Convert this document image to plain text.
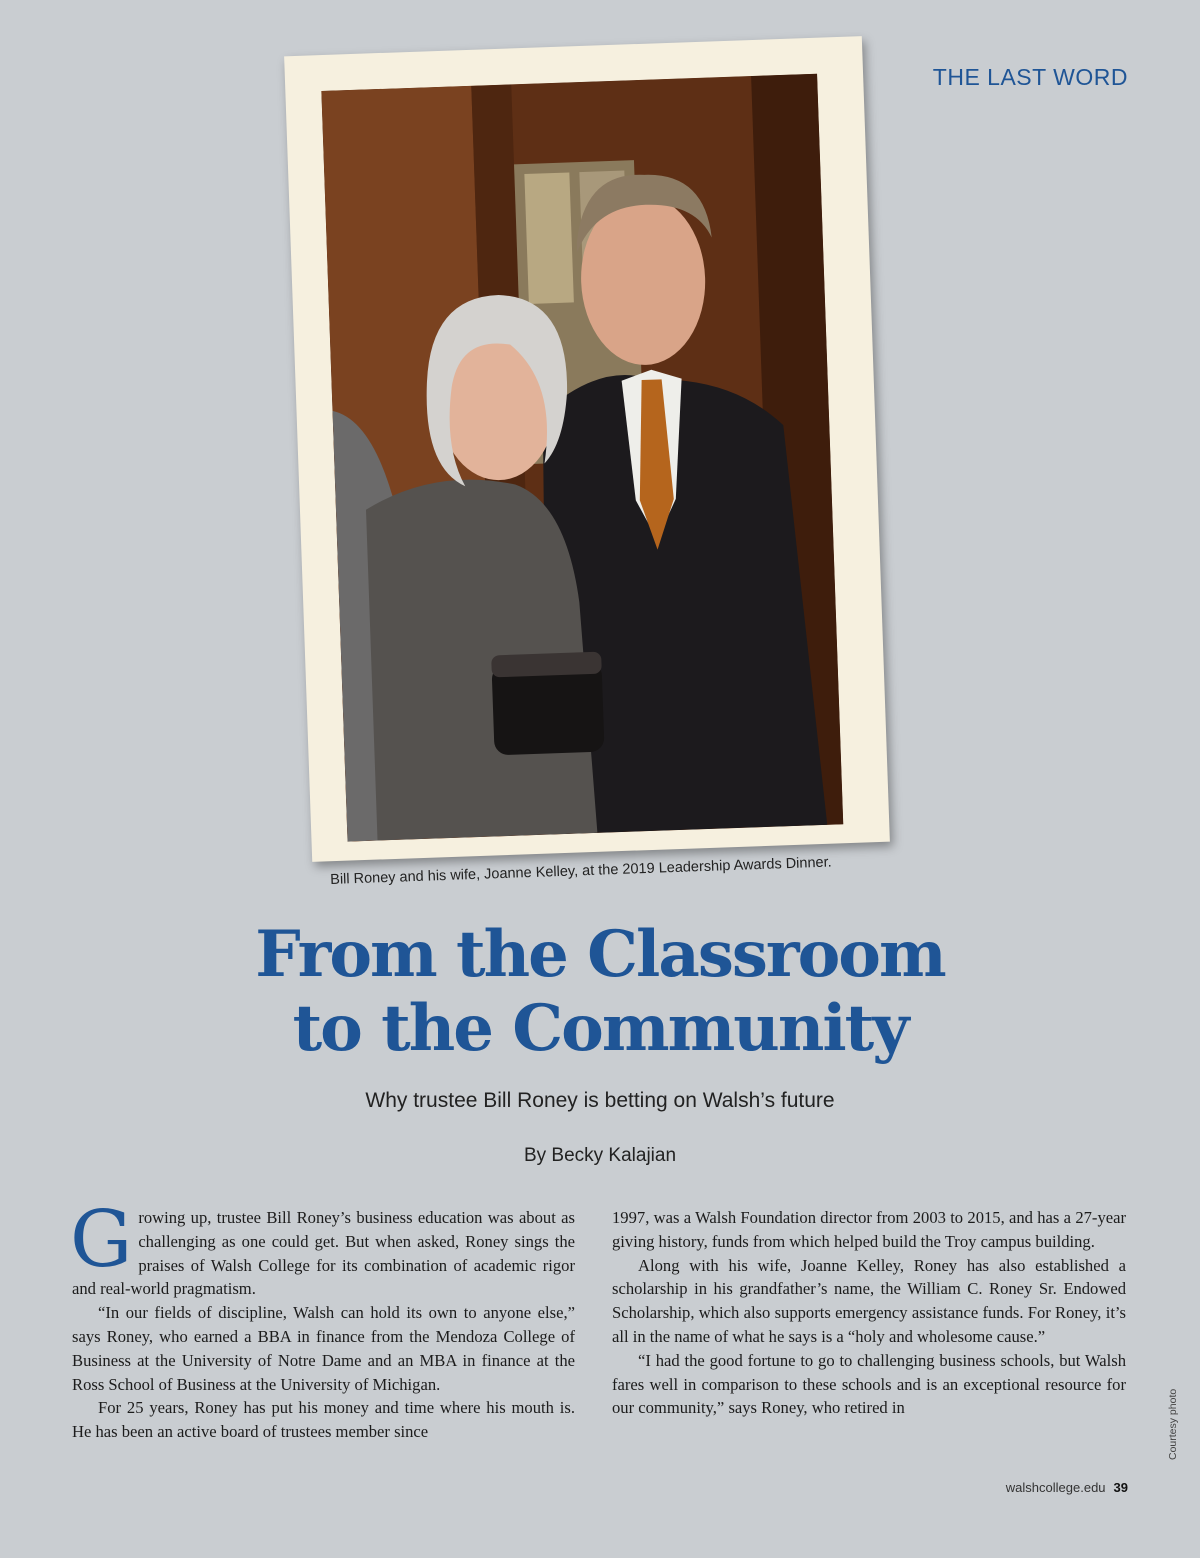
THE LAST WORD
Bill Roney and his wife, Joanne Kelley, at the 2019 Leadership Awards Dinner.
From the Classroom
to the Community
Why trustee Bill Roney is betting on Walsh’s future
By Becky Kalajian

Growing up, trustee Bill Roney’s business education was about as challenging as one could get. But when asked, Roney sings the praises of Walsh College for its combination of academic rigor and real-world pragmatism.

“In our fields of discipline, Walsh can hold its own to anyone else,” says Roney, who earned a BBA in finance from the Mendoza College of Business at the University of Notre Dame and an MBA in finance at the Ross School of Business at the University of Michigan.

For 25 years, Roney has put his money and time where his mouth is. He has been an active board of trustees member since

1997, was a Walsh Foundation director from 2003 to 2015, and has a 27-year giving history, funds from which helped build the Troy campus building.

Along with his wife, Joanne Kelley, Roney has also established a scholarship in his grandfather’s name, the William C. Roney Sr. Endowed Scholarship, which also supports emergency assistance funds. For Roney, it’s all in the name of what he says is a “holy and wholesome cause.”

“I had the good fortune to go to challenging business schools, but Walsh fares well in comparison to these schools and is an exceptional resource for our community,” says Roney, who retired in	Courtesy photo
walshcollege.edu 39
